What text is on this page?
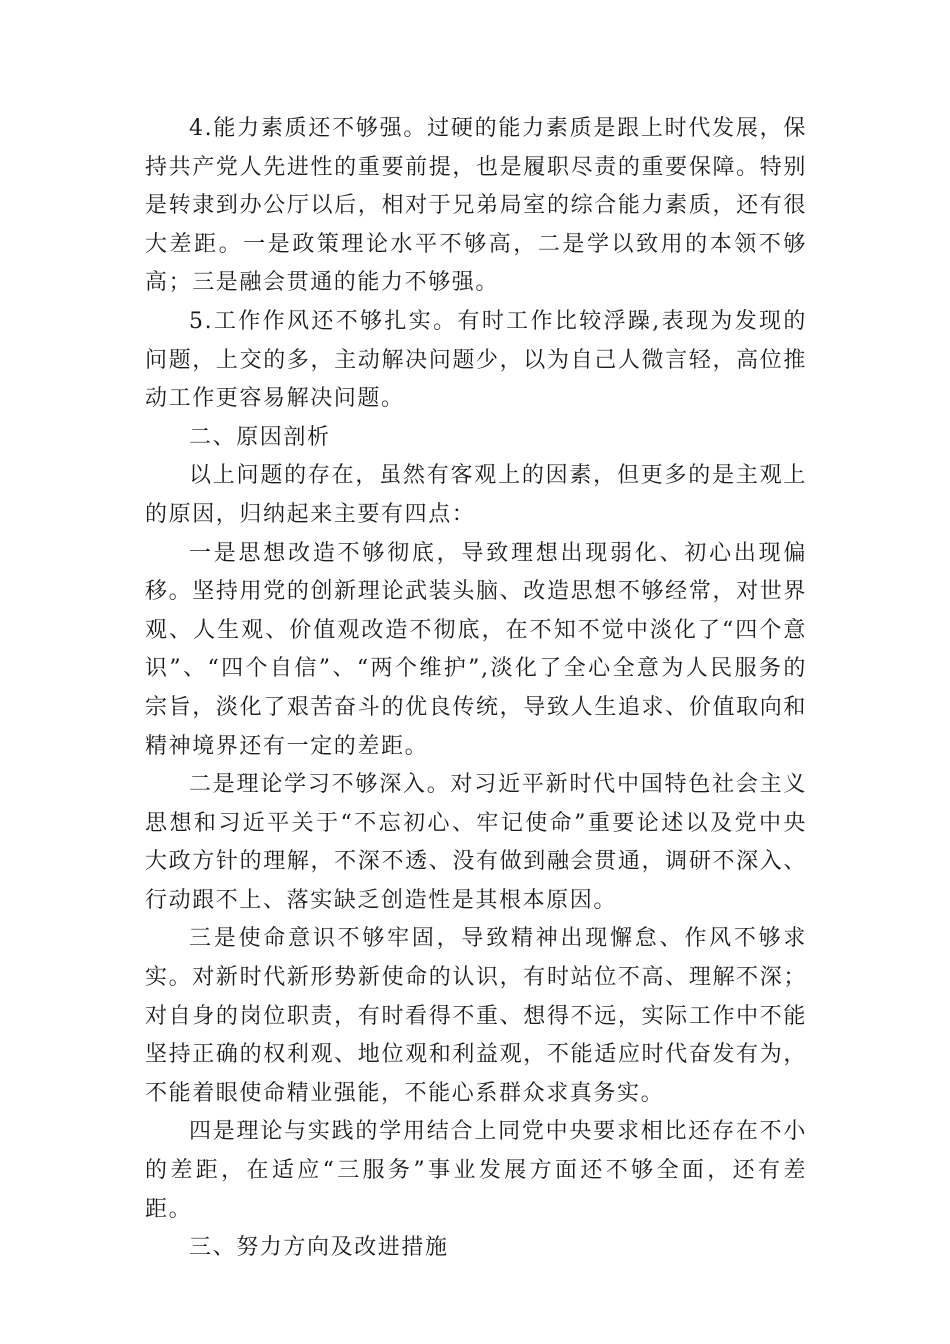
4.能力素质还不够强。过硬的能力素质是跟上时代发展，保持共产党人先进性的重要前提，也是履职尽责的重要保障。特别是转隶到办公厅以后，相对于兄弟局室的综合能力素质，还有很大差距。一是政策理论水平不够高，二是学以致用的本领不够高；三是融会贯通的能力不够强。

5.工作作风还不够扎实。有时工作比较浮躁,表现为发现的问题，上交的多，主动解决问题少，以为自己人微言轻，高位推动工作更容易解决问题。

二、原因剖析

以上问题的存在，虽然有客观上的因素，但更多的是主观上的原因，归纳起来主要有四点：

一是思想改造不够彻底，导致理想出现弱化、初心出现偏移。坚持用党的创新理论武装头脑、改造思想不够经常，对世界观、人生观、价值观改造不彻底，在不知不觉中淡化了“四个意识”、“四个自信”、“两个维护”,淡化了全心全意为人民服务的宗旨，淡化了艰苦奋斗的优良传统，导致人生追求、价值取向和精神境界还有一定的差距。

二是理论学习不够深入。对习近平新时代中国特色社会主义思想和习近平关于“不忘初心、牢记使命”重要论述以及党中央大政方针的理解，不深不透、没有做到融会贯通，调研不深入、行动跟不上、落实缺乏创造性是其根本原因。

三是使命意识不够牢固，导致精神出现懈怠、作风不够求实。对新时代新形势新使命的认识，有时站位不高、理解不深；对自身的岗位职责，有时看得不重、想得不远，实际工作中不能坚持正确的权利观、地位观和利益观，不能适应时代奋发有为，不能着眼使命精业强能，不能心系群众求真务实。

四是理论与实践的学用结合上同党中央要求相比还存在不小的差距，在适应“三服务”事业发展方面还不够全面，还有差距。

三、努力方向及改进措施
